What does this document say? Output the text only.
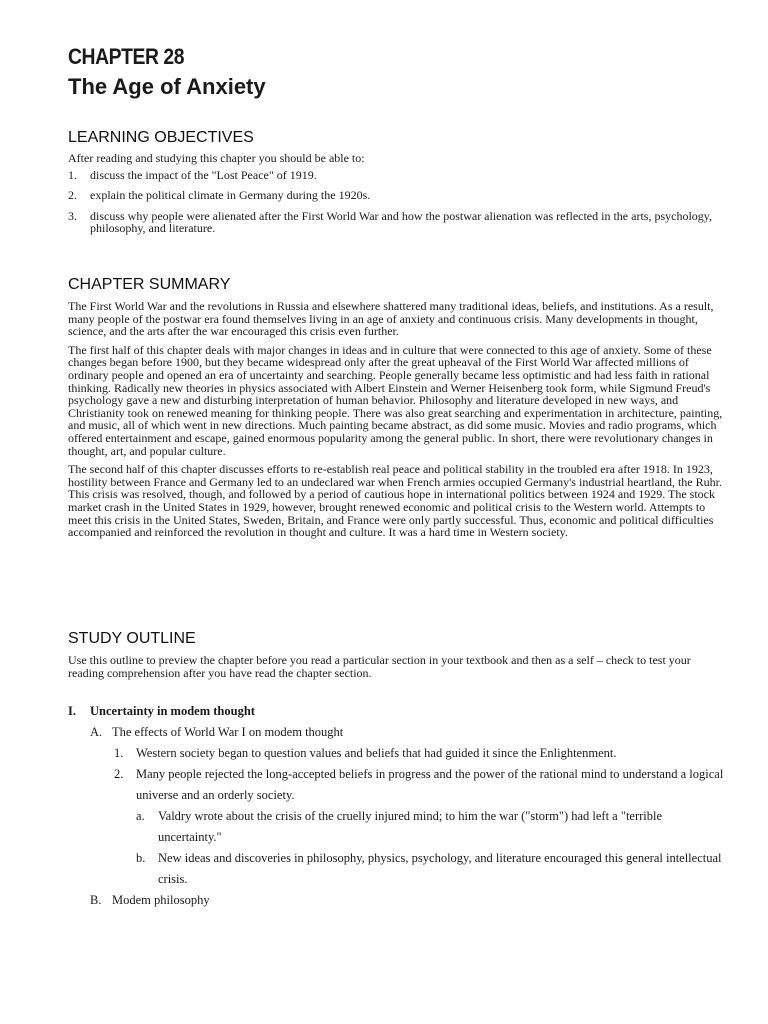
CHAPTER 28
The Age of Anxiety
LEARNING OBJECTIVES

After reading and studying this chapter you should be able to:

1.	discuss the impact of the "Lost Peace" of 1919.
2.	explain the political climate in Germany during the 1920s.
3.	discuss why people were alienated after the First World War and how the postwar alienation was reflected in the arts, psychology, philosophy, and literature.
CHAPTER SUMMARY

The First World War and the revolutions in Russia and elsewhere shattered many traditional ideas, beliefs, and institutions. As a result, many people of the postwar era found themselves living in an age of anxiety and continuous crisis. Many developments in thought, science, and the arts after the war encouraged this crisis even further.

The first half of this chapter deals with major changes in ideas and in culture that were connected to this age of anxiety. Some of these changes began before 1900, but they became widespread only after the great upheaval of the First World War affected millions of ordinary people and opened an era of uncertainty and searching. People generally became less optimistic and had less faith in rational thinking. Radically new theories in physics associated with Albert Einstein and Werner Heisenberg took form, while Sigmund Freud's psychology gave a new and disturbing interpretation of human behavior. Philosophy and literature developed in new ways, and Christianity took on renewed meaning for thinking people. There was also great searching and experimentation in architecture, painting, and music, all of which went in new directions. Much painting became abstract, as did some music. Movies and radio programs, which offered entertainment and escape, gained enormous popularity among the general public. In short, there were revolutionary changes in thought, art, and popular culture.

The second half of this chapter discusses efforts to re-establish real peace and political stability in the troubled era after 1918. In 1923, hostility between France and Germany led to an undeclared war when French armies occupied Germany's industrial heartland, the Ruhr. This crisis was resolved, though, and followed by a period of cautious hope in international politics between 1924 and 1929. The stock market crash in the United States in 1929, however, brought renewed economic and political crisis to the Western world. Attempts to meet this crisis in the United States, Sweden, Britain, and France were only partly successful. Thus, economic and political difficulties accompanied and reinforced the revolution in thought and culture. It was a hard time in Western society.

STUDY OUTLINE

Use this outline to preview the chapter before you read a particular section in your textbook and then as a self – check to test your reading comprehension after you have read the chapter section.

I.	Uncertainty in modem thought
A. The effects of World War I on modem thought
1.	Western society began to question values and beliefs that had guided it since the Enlightenment.
2.	Many people rejected the long-accepted beliefs in progress and the power of the rational mind to understand a logical universe and an orderly society.
a.	Valdry wrote about the crisis of the cruelly injured mind; to him the war ("storm") had left a "terrible uncertainty."
b.	New ideas and discoveries in philosophy, physics, psychology, and literature encouraged this general intellectual crisis.
B. Modem philosophy
